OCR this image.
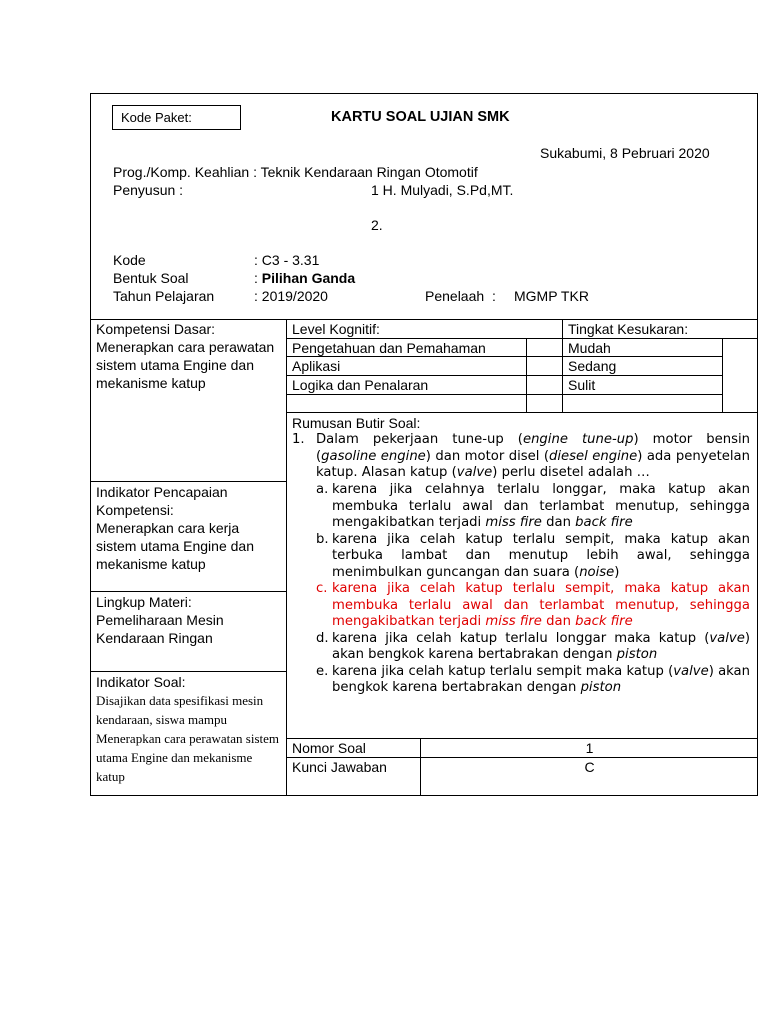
Kode Paket:	KARTU SOAL UJIAN SMK
Sukabumi, 8 Pebruari 2020
Prog./Komp. Keahlian : Teknik Kendaraan Ringan Otomotif
Penyusun :	1 H. Mulyadi, S.Pd,MT.
2.
Kode	: C3 - 3.31
Bentuk Soal	: Pilihan Ganda
Tahun Pelajaran	: 2019/2020	Penelaah  : MGMP TKR
Kompetensi Dasar:
Menerapkan cara perawatan sistem utama Engine dan mekanisme katup
Indikator Pencapaian Kompetensi:
Menerapkan cara kerja sistem utama Engine dan mekanisme katup
Lingkup Materi:
Pemeliharaan Mesin Kendaraan Ringan
Indikator Soal:
Disajikan data spesifikasi mesin kendaraan, siswa mampu Menerapkan cara perawatan sistem utama Engine dan mekanisme katup
Level Kognitif:	Tingkat Kesukaran:
Pengetahuan dan Pemahaman	Mudah
Aplikasi	Sedang
Logika dan Penalaran	Sulit
Rumusan Butir Soal:
1. Dalam pekerjaan tune-up (engine tune-up) motor bensin (gasoline engine) dan motor disel (diesel engine) ada penyetelan katup. Alasan katup (valve) perlu disetel adalah …
a. karena jika celahnya terlalu longgar, maka katup akan membuka terlalu awal dan terlambat menutup, sehingga mengakibatkan terjadi miss fire dan back fire
b. karena jika celah katup terlalu sempit, maka katup akan terbuka lambat dan menutup lebih awal, sehingga menimbulkan guncangan dan suara (noise)
c. karena jika celah katup terlalu sempit, maka katup akan membuka terlalu awal dan terlambat menutup, sehingga mengakibatkan terjadi miss fire dan back fire
d. karena jika celah katup terlalu longgar maka katup (valve) akan bengkok karena bertabrakan dengan piston
e. karena jika celah katup terlalu sempit maka katup (valve) akan bengkok karena bertabrakan dengan piston
Nomor Soal	1
Kunci Jawaban	C
